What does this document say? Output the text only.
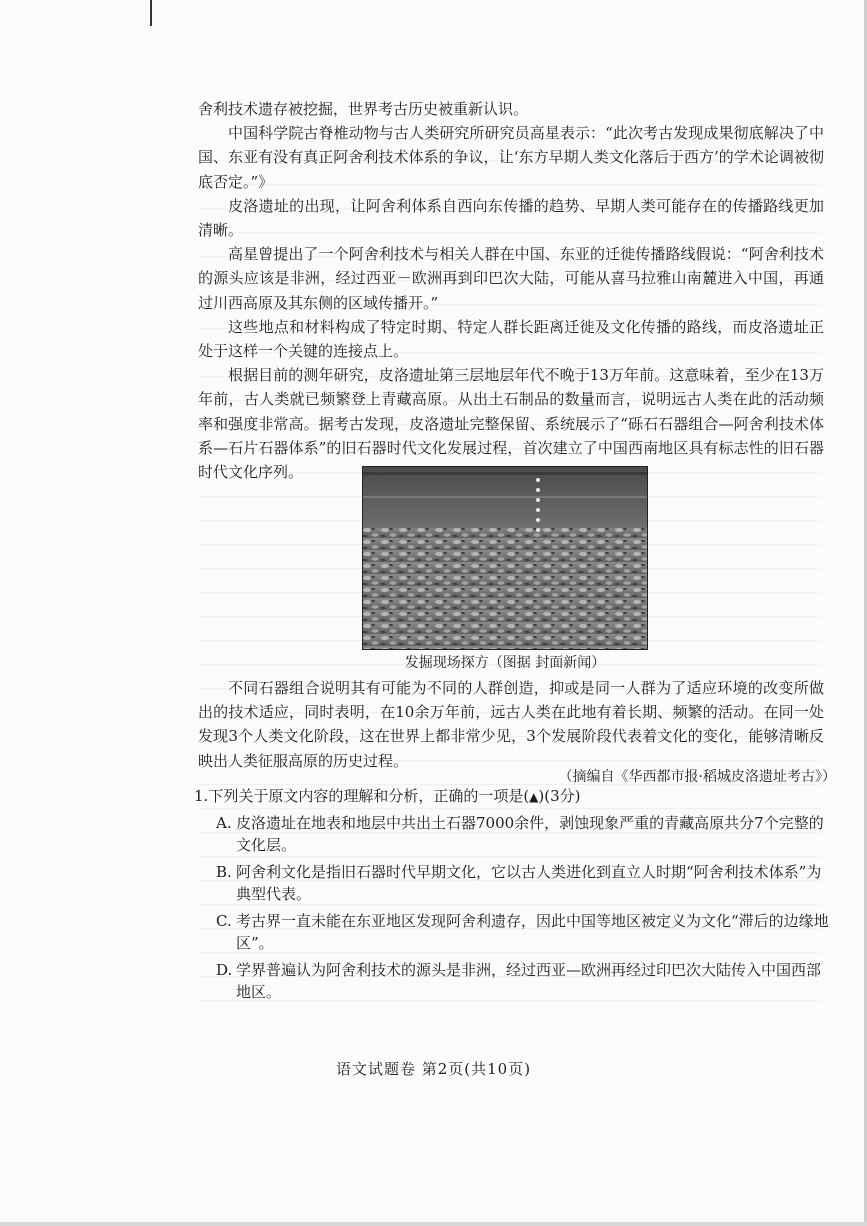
舍利技术遗存被挖掘，世界考古历史被重新认识。

中国科学院古脊椎动物与古人类研究所研究员高星表示：“此次考古发现成果彻底解决了中国、东亚有没有真正阿舍利技术体系的争议，让‘东方早期人类文化落后于西方’的学术论调被彻底否定。”》

皮洛遗址的出现，让阿舍利体系自西向东传播的趋势、早期人类可能存在的传播路线更加清晰。

高星曾提出了一个阿舍利技术与相关人群在中国、东亚的迁徙传播路线假说：“阿舍利技术的源头应该是非洲，经过西亚－欧洲再到印巴次大陆，可能从喜马拉雅山南麓进入中国，再通过川西高原及其东侧的区域传播开。”

这些地点和材料构成了特定时期、特定人群长距离迁徙及文化传播的路线，而皮洛遗址正处于这样一个关键的连接点上。

根据目前的测年研究，皮洛遗址第三层地层年代不晚于13万年前。这意味着，至少在13万年前，古人类就已频繁登上青藏高原。从出土石制品的数量而言，说明远古人类在此的活动频率和强度非常高。据考古发现，皮洛遗址完整保留、系统展示了“砾石石器组合—阿舍利技术体系—石片石器体系”的旧石器时代文化发展过程，首次建立了中国西南地区具有标志性的旧石器时代文化序列。

发掘现场探方（图据 封面新闻）

不同石器组合说明其有可能为不同的人群创造，抑或是同一人群为了适应环境的改变所做出的技术适应，同时表明，在10余万年前，远古人类在此地有着长期、频繁的活动。在同一处发现3个人类文化阶段，这在世界上都非常少见，3个发展阶段代表着文化的变化，能够清晰反映出人类征服高原的历史过程。

（摘编自《华西都市报·稻城皮洛遗址考古》）

1.下列关于原文内容的理解和分析，正确的一项是(▲)(3分)

A. 皮洛遗址在地表和地层中共出土石器7000余件，剥蚀现象严重的青藏高原共分7个完整的文化层。
B. 阿舍利文化是指旧石器时代早期文化，它以古人类进化到直立人时期“阿舍利技术体系”为典型代表。
C. 考古界一直未能在东亚地区发现阿舍利遗存，因此中国等地区被定义为文化“滞后的边缘地区”。
D. 学界普遍认为阿舍利技术的源头是非洲，经过西亚—欧洲再经过印巴次大陆传入中国西部地区。
语文试题卷 第2页(共10页)
